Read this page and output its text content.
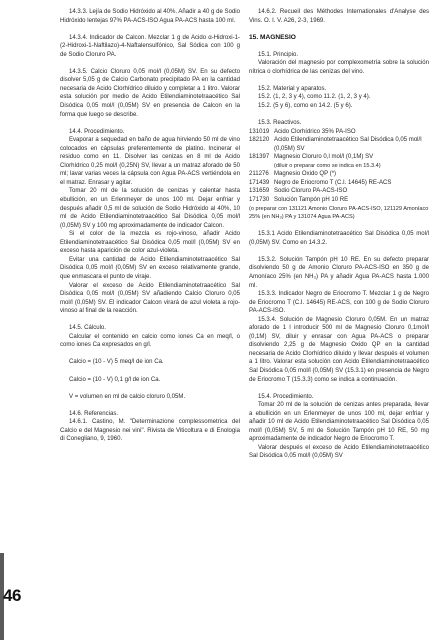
46

14.3.3. Lejía de Sodio Hidróxido al 40%. Añadir a 40 g de Sodio Hidróxido lentejas 97% PA-ACS-ISO Agua PA-ACS hasta 100 ml.

14.3.4. Indicador de Calcon. Mezclar 1 g de Acido α-Hidroxi-1-(2-Hidroxi-1-Naftilazo)-4-Naftalensulfónico, Sal Sódica con 100 g de Sodio Cloruro PA.

14.3.5. Calcio Cloruro 0,05 mol/l (0,05M) SV. En su defecto disolver 5,05 g de Calcio Carbonato precipitado PA en la cantidad necesaria de Acido Clorhídrico diluido y completar a 1 litro. Valorar esta solución por medio de Acido Etilendiaminotetraacético Sal Disódica 0,05 mol/l (0,05M) SV en presencia de Calcon en la forma que luego se describe.

14.4. Procedimiento.

Evaporar a sequedad en baño de agua hirviendo 50 ml de vino colocados en cápsulas preferentemente de platino. Incinerar el residuo como en 11. Disolver las cenizas en 8 ml de Acido Clorhídrico 0,25 mol/l (0,25N) SV, llevar a un matraz aforado de 50 ml; lavar varias veces la cápsula con Agua PA-ACS vertiéndola en el matraz. Enrasar y agitar.

Tomar 20 ml de la solución de cenizas y calentar hasta ebullición, en un Erlenmeyer de unos 100 ml. Dejar enfriar y después añadir 0,5 ml de solución de Sodio Hidróxido al 40%, 10 ml de Acido Etilendiaminotetraacético Sal Disódica 0,05 mol/l (0,05M) SV y 100 mg aproximadamente de indicador Calcon.

Si el color de la mezcla es rojo-vinoso, añadir Acido Etilendiaminotetraacético Sal Disódica 0,05 mol/l (0,05M) SV en exceso hasta aparición de color azul-violeta.

Evitar una cantidad de Acido Etilendiaminotetraacético Sal Disódica 0,05 mol/l (0,05M) SV en exceso relativamente grande, que enmascara el punto de viraje.

Valorar el exceso de Acido Etilendiaminotetraacético Sal Disódica 0,05 mol/l (0,05M) SV añadiendo Calcio Cloruro 0,05 mol/l (0,05M) SV. El indicador Calcon virará de azul violeta a rojo-vinoso al final de la reacción.

14.5. Cálculo.

Calcular el contenido en calcio como iones Ca en meq/l, o como iones Ca expresados en g/l.

Calcio = (10 - V) 5 meq/l de ion Ca.

Calcio = (10 - V) 0,1 g/l de ion Ca.

V = volumen en ml de calcio cloruro 0,05M.

14.6. Referencias.

14.6.1. Castino, M. "Determinazione complessometrica del Calcio e del Magnesio nei vini". Rivista de Viticoltura e di Enologia di Conegliano, 9, 1960.

14.6.2. Recueil des Méthodes Internationales d'Analyse des Vins. O. I. V. A26, 2-3, 1969.

15. MAGNESIO

15.1. Principio.

Valoración del magnesio por complexometría sobre la solución nítrica o clorhídrica de las cenizas del vino.

15.2. Material y aparatos.

15.2. (1, 2, 3 y 4), como 11.2. (1, 2, 3 y 4).

15.2. (5 y 6), como en 14.2. (5 y 6).

15.3. Reactivos.

131019 Acido Clorhídrico 35% PA-ISO
182120 Acido Etilendiaminotetraacético Sal Disódica 0,05 mol/l (0,05M) SV
181397 Magnesio Cloruro 0,l mol/l (0,1M) SV
(diluir o preparar como se indica en 15.3.4)
211276 Magnesio Oxido QP (*)
171439 Negro de Eriocromo T (C.I. 14645) RE-ACS
131659 Sodio Cloruro PA-ACS-ISO
171730 Solución Tampón pH 10 RE

(o preparar con 131121 Amonio Cloruro PA-ACS-ISO, 121129 Amoníaco 25% (en NH₃) PA y 131074 Agua PA-ACS)

15.3.1 Acido Etilendiaminotetraacético Sal Disódica 0,05 mol/l (0,05M) SV. Como en 14.3.2.

15.3.2. Solución Tampón pH 10 RE. En su defecto preparar disolviendo 50 g de Amonio Cloruro PA-ACS-ISO en 350 g de Amoníaco 25% (en NH₃) PA y añadir Agua PA-ACS hasta 1.000 ml.

15.3.3. Indicador Negro de Eriocromo T. Mezclar 1 g de Negro de Eriocromo T (C.I. 14645) RE-ACS, con 100 g de Sodio Cloruro PA-ACS-ISO.

15.3.4. Solución de Magnesio Cloruro 0,05M. En un matraz aforado de 1 l introducir 500 ml de Magnesio Cloruro 0,1mol/l (0,1M) SV, diluir y enrasar con Agua PA-ACS o preparar disolviendo 2,25 g de Magnesio Oxido QP en la cantidad necesaria de Acido Clorhídrico diluido y llevar después el volumen a 1 litro. Valorar esta solución con Acido Etilendiaminotetraacético Sal Disódica 0,05 mol/l (0,05M) SV (15.3.1) en presencia de Negro de Eriocromo T (15.3.3) como se indica a continuación.

15.4. Procedimiento.

Tomar 20 ml de la solución de cenizas antes preparada, llevar a ebullición en un Erlenmeyer de unos 100 ml, dejar enfriar y añadir 10 ml de Acido Etilendiaminotetraacético Sal Disódica 0,05 mol/l (0,05M) SV, 5 ml de Solución Tampón pH 10 RE, 50 mg aproximadamente de indicador Negro de Eriocromo T.

Valorar después el exceso de Acido Etilendiaminotetraacético Sal Disódica 0,05 mol/l (0,05M) SV
